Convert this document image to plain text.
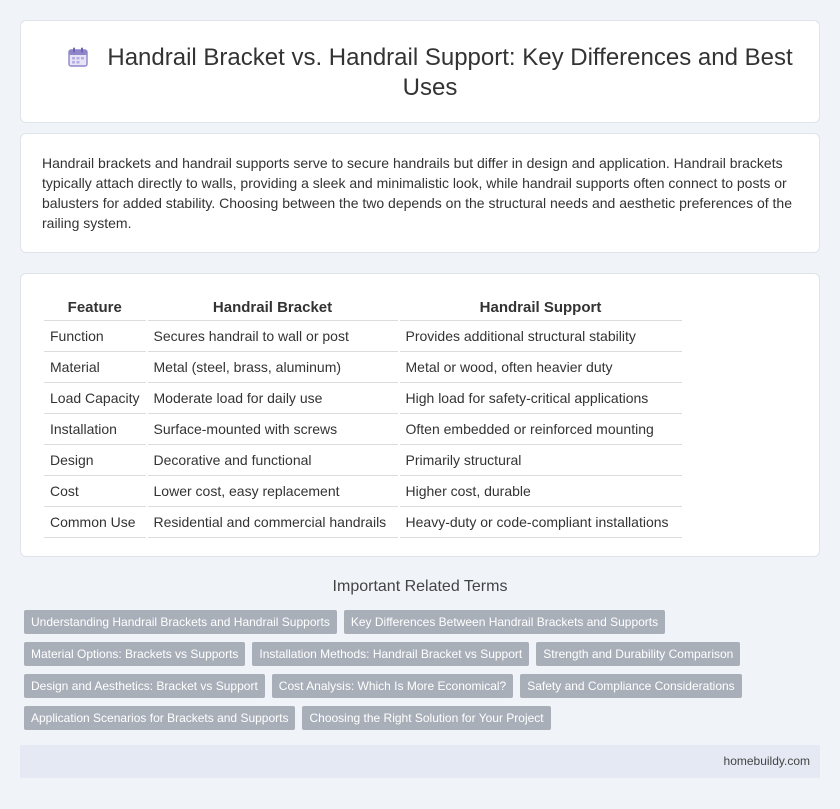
Handrail Bracket vs. Handrail Support: Key Differences and Best Uses

Handrail brackets and handrail supports serve to secure handrails but differ in design and application. Handrail brackets typically attach directly to walls, providing a sleek and minimalistic look, while handrail supports often connect to posts or balusters for added stability. Choosing between the two depends on the structural needs and aesthetic preferences of the railing system.

Feature	Handrail Bracket	Handrail Support
Function	Secures handrail to wall or post	Provides additional structural stability
Material	Metal (steel, brass, aluminum)	Metal or wood, often heavier duty
Load Capacity	Moderate load for daily use	High load for safety-critical applications
Installation	Surface-mounted with screws	Often embedded or reinforced mounting
Design	Decorative and functional	Primarily structural
Cost	Lower cost, easy replacement	Higher cost, durable
Common Use	Residential and commercial handrails	Heavy-duty or code-compliant installations
Important Related Terms
Understanding Handrail Brackets and Handrail Supports Key Differences Between Handrail Brackets and Supports
Material Options: Brackets vs Supports Installation Methods: Handrail Bracket vs Support Strength and Durability Comparison
Design and Aesthetics: Bracket vs Support Cost Analysis: Which Is More Economical? Safety and Compliance Considerations
Application Scenarios for Brackets and Supports Choosing the Right Solution for Your Project
homebuildy.com
